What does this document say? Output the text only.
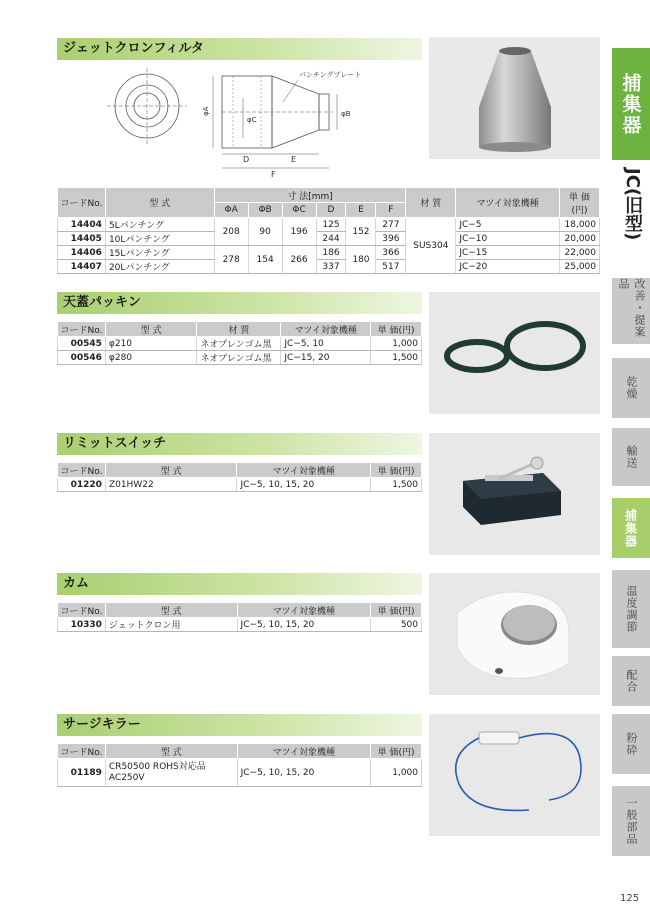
ジェットクロンフィルタ
φA
φC
φB
D	E
F
パンチングプレート
コードNo.	型 式	寸 法[mm]						材 質	マツイ対象機種	単 価(円)
		ΦA	ΦB	ΦC	D	E	F			
14404	5Lパンチング	208	90	196	125	152	277	SUS304	JC−5	18,000
14405	10Lパンチング				244		396		JC−10	20,000
14406	15Lパンチング	278	154	266	186	180	366		JC−15	22,000
14407	20Lパンチング				337		517		JC−20	25,000
天蓋パッキン
コードNo.	型 式	材 質	マツイ対象機種	単 価(円)
00545	φ210	ネオプレンゴム黒	JC−5, 10	1,000
00546	φ280	ネオプレンゴム黒	JC−15, 20	1,500
リミットスイッチ
コードNo.	型 式	マツイ対象機種	単 価(円)
01220	Z01HW22	JC−5, 10, 15, 20	1,500
カム
コードNo.	型 式	マツイ対象機種	単 価(円)
10330	ジェットクロン用	JC−5, 10, 15, 20	500
サージキラー
コードNo.	型 式	マツイ対象機種	単 価(円)
01189	CR50500 ROHS対応品
AC250V	JC−5, 10, 15, 20	1,000
捕集器
JC(旧型)
改善・提案品
乾燥
輸送
捕集器
温度調節
配合
粉砕
一般部品
125
